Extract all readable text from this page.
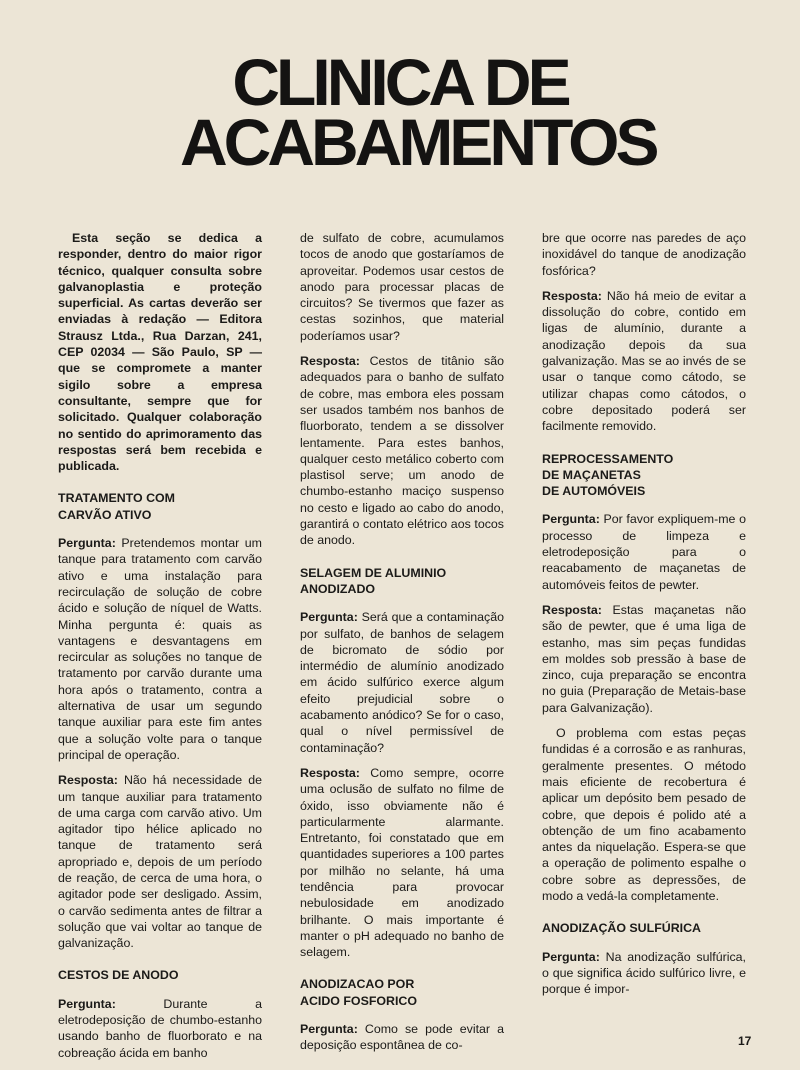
CLINICA DE
ACABAMENTOS

Esta seção se dedica a responder, dentro do maior rigor técnico, qualquer consulta sobre galvanoplastia e proteção superficial. As cartas deverão ser enviadas à redação — Editora Strausz Ltda., Rua Darzan, 241, CEP 02034 — São Paulo, SP — que se compromete a manter sigilo sobre a empresa consultante, sempre que for solicitado. Qualquer colaboração no sentido do aprimoramento das respostas será bem recebida e publicada.

TRATAMENTO COM
CARVÃO ATIVO

Pergunta: Pretendemos montar um tanque para tratamento com carvão ativo e uma instalação para recirculação de solução de cobre ácido e solução de níquel de Watts. Minha pergunta é: quais as vantagens e desvantagens em recircular as soluções no tanque de tratamento por carvão durante uma hora após o tratamento, contra a alternativa de usar um segundo tanque auxiliar para este fim antes que a solução volte para o tanque principal de operação.

Resposta: Não há necessidade de um tanque auxiliar para tratamento de uma carga com carvão ativo. Um agitador tipo hélice aplicado no tanque de tratamento será apropriado e, depois de um período de reação, de cerca de uma hora, o agitador pode ser desligado. Assim, o carvão sedimenta antes de filtrar a solução que vai voltar ao tanque de galvanização.

CESTOS DE ANODO

Pergunta: Durante a eletrodeposição de chumbo-estanho usando banho de fluorborato e na cobreação ácida em banho

de sulfato de cobre, acumulamos tocos de anodo que gostaríamos de aproveitar. Podemos usar cestos de anodo para processar placas de circuitos? Se tivermos que fazer as cestas sozinhos, que material poderíamos usar?

Resposta: Cestos de titânio são adequados para o banho de sulfato de cobre, mas embora eles possam ser usados também nos banhos de fluorborato, tendem a se dissolver lentamente. Para estes banhos, qualquer cesto metálico coberto com plastisol serve; um anodo de chumbo-estanho maciço suspenso no cesto e ligado ao cabo do anodo, garantirá o contato elétrico aos tocos de anodo.

SELAGEM DE ALUMINIO
ANODIZADO

Pergunta: Será que a contaminação por sulfato, de banhos de selagem de bicromato de sódio por intermédio de alumínio anodizado em ácido sulfúrico exerce algum efeito prejudicial sobre o acabamento anódico? Se for o caso, qual o nível permissível de contaminação?

Resposta: Como sempre, ocorre uma oclusão de sulfato no filme de óxido, isso obviamente não é particularmente alarmante. Entretanto, foi constatado que em quantidades superiores a 100 partes por milhão no selante, há uma tendência para provocar nebulosidade em anodizado brilhante. O mais importante é manter o pH adequado no banho de selagem.

ANODIZACAO POR
ACIDO FOSFORICO

Pergunta: Como se pode evitar a deposição espontânea de co-

bre que ocorre nas paredes de aço inoxidável do tanque de anodização fosfórica?

Resposta: Não há meio de evitar a dissolução do cobre, contido em ligas de alumínio, durante a anodização depois da sua galvanização. Mas se ao invés de se usar o tanque como cátodo, se utilizar chapas como cátodos, o cobre depositado poderá ser facilmente removido.

REPROCESSAMENTO
DE MAÇANETAS
DE AUTOMÓVEIS

Pergunta: Por favor expliquem-me o processo de limpeza e eletrodeposição para o reacabamento de maçanetas de automóveis feitos de pewter.

Resposta: Estas maçanetas não são de pewter, que é uma liga de estanho, mas sim peças fundidas em moldes sob pressão à base de zinco, cuja preparação se encontra no guia (Preparação de Metais-base para Galvanização).

O problema com estas peças fundidas é a corrosão e as ranhuras, geralmente presentes. O método mais eficiente de recobertura é aplicar um depósito bem pesado de cobre, que depois é polido até a obtenção de um fino acabamento antes da niquelação. Espera-se que a operação de polimento espalhe o cobre sobre as depressões, de modo a vedá-la completamente.

ANODIZAÇÃO SULFÚRICA

Pergunta: Na anodização sulfúrica, o que significa ácido sulfúrico livre, e porque é impor-

17
